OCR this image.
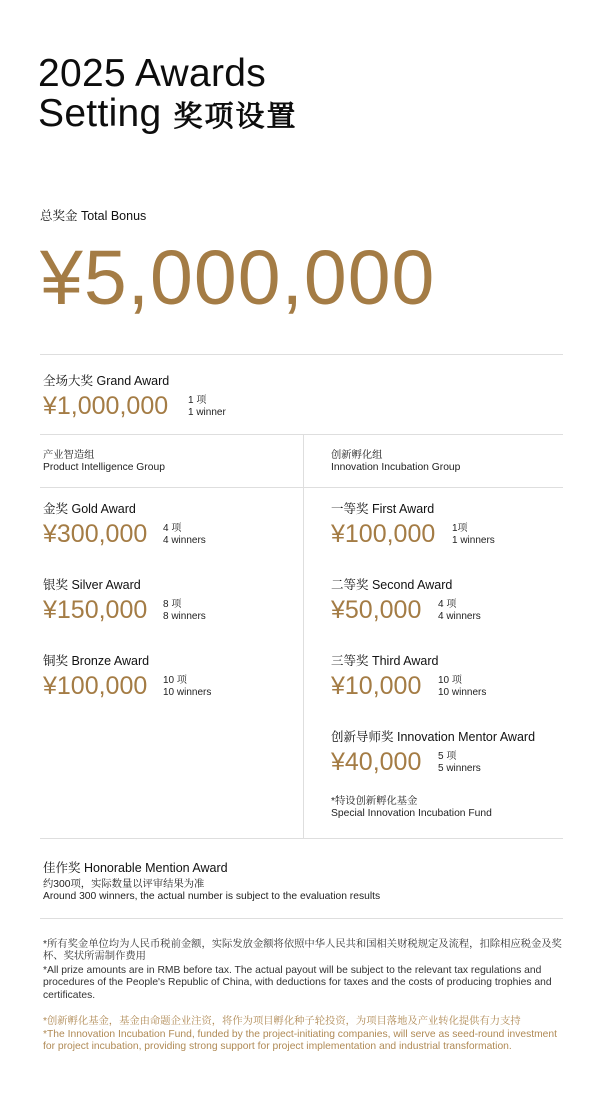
2025 Awards
Setting 奖项设置
总奖金 Total Bonus
¥5,000,000
全场大奖 Grand Award
¥1,000,000 1 项
1 winner
产业智造组
Product Intelligence Group
创新孵化组
Innovation Incubation Group
金奖 Gold Award
¥300,000 4 项
4 winners
银奖 Silver Award
¥150,000 8 项
8 winners
铜奖 Bronze Award
¥100,000 10 项
10 winners
一等奖 First Award
¥100,000 1项
1 winners
二等奖 Second Award
¥50,000 4 项
4 winners
三等奖 Third Award
¥10,000 10 项
10 winners
创新导师奖 Innovation Mentor Award
¥40,000 5 项
5 winners
*特设创新孵化基金
Special Innovation Incubation Fund
佳作奖 Honorable Mention Award
约300项，实际数量以评审结果为准
Around 300 winners, the actual number is subject to the evaluation results
*所有奖金单位均为人民币税前金额，实际发放金额将依照中华人民共和国相关财税规定及流程，扣除相应税金及奖杯、奖状所需制作费用
*All prize amounts are in RMB before tax. The actual payout will be subject to the relevant tax regulations and procedures of the People's Republic of China, with deductions for taxes and the costs of producing trophies and certificates.
*创新孵化基金，基金由命题企业注资，将作为项目孵化种子轮投资，为项目落地及产业转化提供有力支持
*The Innovation Incubation Fund, funded by the project-initiating companies, will serve as seed-round investment for project incubation, providing strong support for project implementation and industrial transformation.
